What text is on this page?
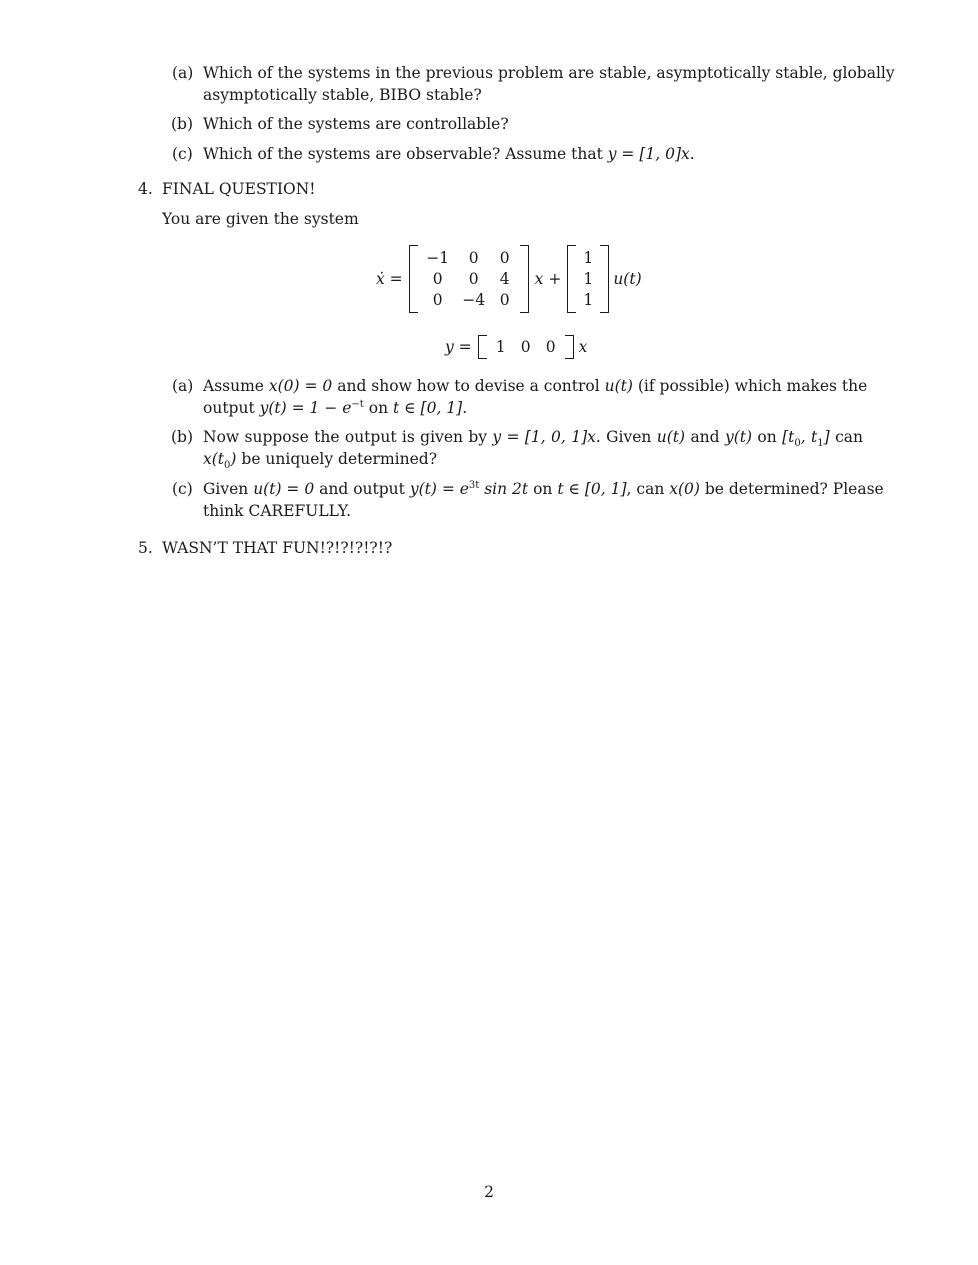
(a) Which of the systems in the previous problem are stable, asymptotically stable, globally
asymptotically stable, BIBO stable?
(b) Which of the systems are controllable?
(c) Which of the systems are observable? Assume that y = [1, 0]x.
4. FINAL QUESTION!
You are given the system
ẋ =
−1	0	0
0	0	4
0	−4 0
x +
1
1
1
u(t)
y =	1 0 0	x
(a) Assume x(0) = 0 and show how to devise a control u(t) (if possible) which makes the
output $y(t) = 1 - e^{-t}$ on t ∈ [0, 1].
(b) Now suppose the output is given by y = [1, 0, 1]x. Given u(t) and y(t) on [$t_0$, $t_1$] can
$x(t_0)$ be uniquely determined?
(c) Given u(t) = 0 and output $y(t) = e^{3t}$ sin 2t on t ∈ [0, 1], can x(0) be determined? Please
think CAREFULLY.
5. WASN’T THAT FUN!?!?!?!?!?
2
